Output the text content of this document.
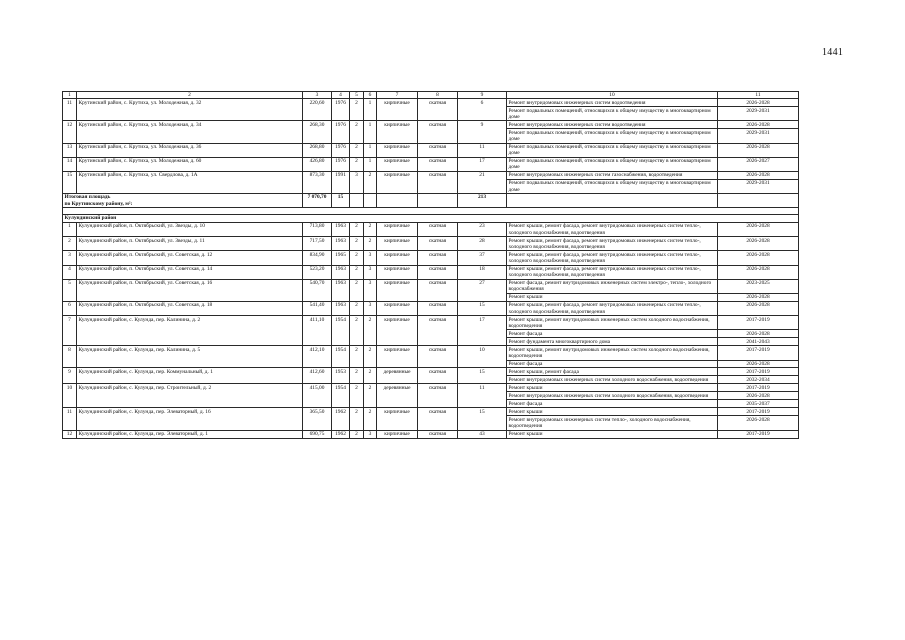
1441
1	2	3	4	5	6	7	8	9	10	11
11	Крутинский район, с. Крутиха, ул. Молодежная, д. 32	220,60	1976	2	1	кирпичные	скатная	6	Ремонт внутридомовых инженерных систем водоотведения	2026-2028
									Ремонт подвальных помещений, относящихся к общему имуществу в многоквартирном доме	2029-2031
12	Крутинский район, с. Крутиха, ул. Молодежная, д. 34	268,30	1976	2	1	кирпичные	скатная	9	Ремонт внутридомовых инженерных систем водоотведения	2026-2028
									Ремонт подвальных помещений, относящихся к общему имуществу в многоквартирном доме	2029-2031
13	Крутинский район, с. Крутиха, ул. Молодежная, д. 36	268,80	1976	2	1	кирпичные	скатная	11	Ремонт подвальных помещений, относящихся к общему имуществу в многоквартирном доме	2026-2028
14	Крутинский район, с. Крутиха, ул. Молодежная, д. 60	426,80	1976	2	1	кирпичные	скатная	17	Ремонт подвальных помещений, относящихся к общему имуществу в многоквартирном доме	2026-2027
15	Крутинский район, с. Крутиха, ул. Свердлова, д. 1А	873,30	1991	3	2	кирпичные	скатная	21	Ремонт внутридомовых инженерных систем газоснабжения, водоотведения	2026-2028
									Ремонт подвальных помещений, относящихся к общему имуществу в многоквартирном доме	2029-2031

Итоговая площадь
по Крутинскому району, м²:		7 070,70	15					213		

Кулундинский район										
1	Кулундинский район, п. Октябрьский, ул. Звезды, д. 10	713,80	1963	2	2	кирпичные	скатная	23	Ремонт крыши, ремонт фасада, ремонт внутридомовых инженерных систем тепло-, холодного водоснабжения, водоотведения	2026-2028
2	Кулундинский район, п. Октябрьский, ул. Звезды, д. 11	717,50	1963	2	2	кирпичные	скатная	28	Ремонт крыши, ремонт фасада, ремонт внутридомовых инженерных систем тепло-, холодного водоснабжения, водоотведения	2026-2028
3	Кулундинский район, п. Октябрьский, ул. Советская, д. 12	834,90	1965	2	3	кирпичные	скатная	37	Ремонт крыши, ремонт фасада, ремонт внутридомовых инженерных систем тепло-, холодного водоснабжения, водоотведения	2026-2028
4	Кулундинский район, п. Октябрьский, ул. Советская, д. 14	523,20	1963	2	3	кирпичные	скатная	18	Ремонт крыши, ремонт фасада, ремонт внутридомовых инженерных систем тепло-, холодного водоснабжения, водоотведения	2026-2028
5	Кулундинский район, п. Октябрьский, ул. Советская, д. 16	540,70	1963	2	3	кирпичные	скатная	27	Ремонт фасада, ремонт внутридомовых инженерных систем электро-, тепло-, холодного водоснабжения	2023-2025
									Ремонт крыши	2026-2028
6	Кулундинский район, п. Октябрьский, ул. Советская, д. 18	541,40	1963	2	3	кирпичные	скатная	15	Ремонт крыши, ремонт фасада, ремонт внутридомовых инженерных систем тепло-, холодного водоснабжения, водоотведения	2026-2028
7	Кулундинский район, с. Кулунда, пер. Калинина, д. 2	411,10	1954	2	2	кирпичные	скатная	17	Ремонт крыши, ремонт внутридомовых инженерных систем холодного водоснабжения, водоотведения	2017-2019
									Ремонт фасада	2026-2028
									Ремонт фундамента многоквартирного дома	2041-2043
8	Кулундинский район, с. Кулунда, пер. Калинина, д. 5	412,10	1954	2	2	кирпичные	скатная	10	Ремонт крыши, ремонт внутридомовых инженерных систем холодного водоснабжения, водоотведения	2017-2019
									Ремонт фасада	2026-2028
9	Кулундинский район, с. Кулунда, пер. Коммунальный, д. 1	412,60	1953	2	2	деревянные	скатная	15	Ремонт крыши, ремонт фасада	2017-2019
									Ремонт внутридомовых инженерных систем холодного водоснабжения, водоотведения	2032-2034
10	Кулундинский район, с. Кулунда, пер. Строительный, д. 2	415,00	1954	2	2	деревянные	скатная	11	Ремонт крыши	2017-2019
									Ремонт внутридомовых инженерных систем холодного водоснабжения, водоотведения	2026-2028
									Ремонт фасада	2035-2037
11	Кулундинский район, с. Кулунда, пер. Элеваторный, д. 16	365,50	1962	2	2	кирпичные	скатная	15	Ремонт крыши	2017-2019
									Ремонт внутридомовых инженерных систем тепло-, холодного водоснабжения, водоотведения	2026-2028
12	Кулундинский район, с. Кулунда, пер. Элеваторный, д. 1	690,75	1962	2	3	кирпичные	скатная	43	Ремонт крыши	2017-2019
